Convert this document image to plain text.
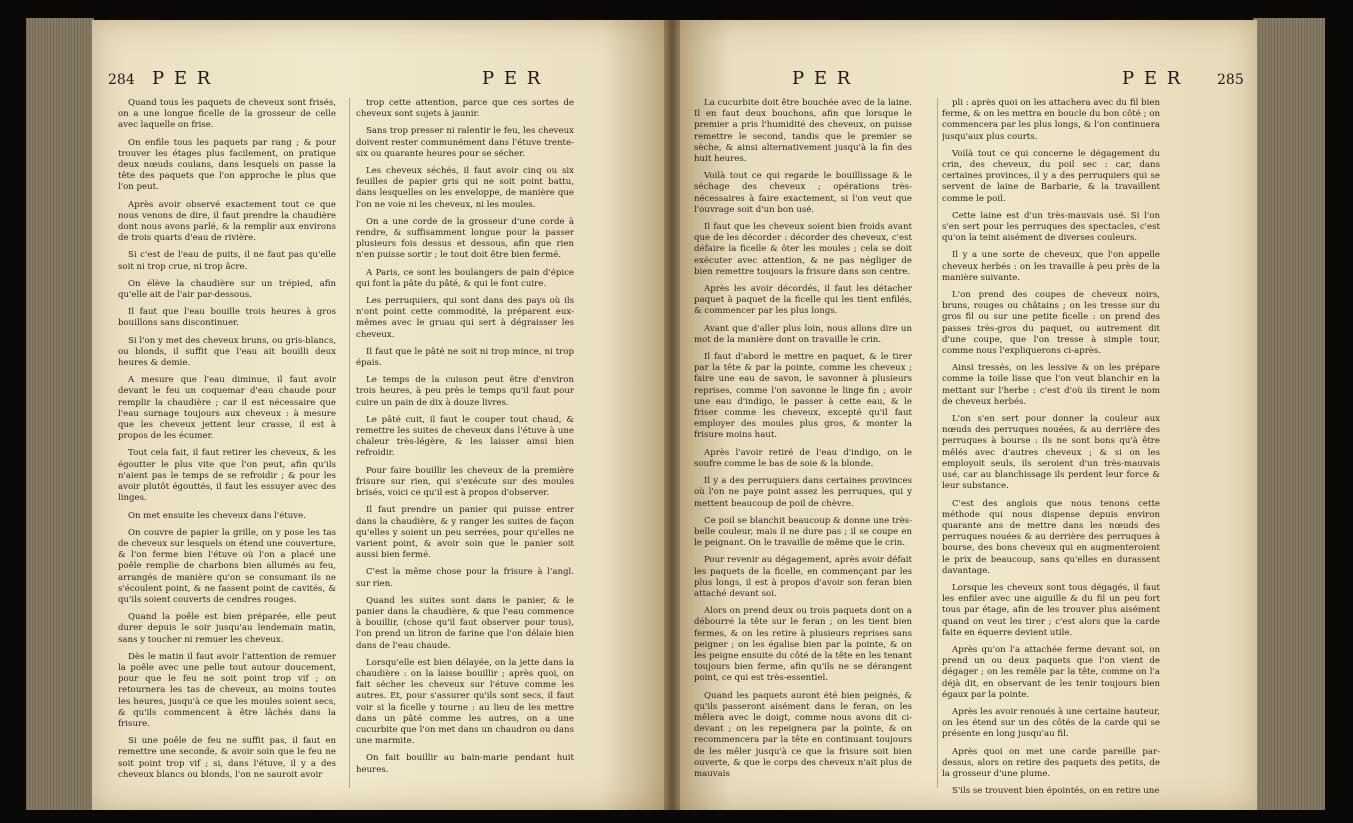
284 P E R	P E R

Quand tous les paquets de cheveux sont frisés, on a une longue ficelle de la grosseur de celle avec laquelle on frise.

On enfile tous les paquets par rang ; & pour trouver les étages plus facilement, on pratique deux nœuds coulans, dans lesquels on passe la tête des paquets que l'on approche le plus que l'on peut.

Après avoir observé exactement tout ce que nous venons de dire, il faut prendre la chaudière dont nous avons parlé, & la remplir aux environs de trois quarts d'eau de rivière.

Si c'est de l'eau de puits, il ne faut pas qu'elle soit ni trop crue, ni trop âcre.

On élève la chaudière sur un trépied, afin qu'elle ait de l'air par-dessous.

Il faut que l'eau bouille trois heures à gros bouillons sans discontinuer.

Si l'on y met des cheveux bruns, ou gris-blancs, ou blonds, il suffit que l'eau ait bouilli deux heures & demie.

A mesure que l'eau diminue, il faut avoir devant le feu un coquemar d'eau chaude pour remplir la chaudière ; car il est nécessaire que l'eau surnage toujours aux cheveux : à mesure que les cheveux jettent leur crasse, il est à propos de les écumer.

Tout cela fait, il faut retirer les cheveux, & les égoutter le plus vite que l'on peut, afin qu'ils n'aient pas le temps de se refroidir ; & pour les avoir plutôt égouttés, il faut les essuyer avec des linges.

On met ensuite les cheveux dans l'étuve.

On couvre de papier la grille, on y pose les tas de cheveux sur lesquels on étend une couverture, & l'on ferme bien l'étuve où l'on a placé une poêle remplie de charbons bien allumés au feu, arrangés de manière qu'on se consumant ils ne s'écoulent point, & ne fassent point de cavités, & qu'ils soient couverts de cendres rouges.

Quand la poêle est bien préparée, elle peut durer depuis le soir jusqu'au lendemain matin, sans y toucher ni remuer les cheveux.

Dès le matin il faut avoir l'attention de remuer la poêle avec une pelle tout autour doucement, pour que le feu ne soit point trop vif ; on retournera les tas de cheveux, au moins toutes les heures, jusqu'à ce que les moules soient secs, & qu'ils commencent à être lâchés dans la frisure.

Si une poêle de feu ne suffit pas, il faut en remettre une seconde, & avoir soin que le feu ne soit point trop vif ; si, dans l'étuve, il y a des cheveux blancs ou blonds, l'on ne sauroit avoir

trop cette attention, parce que ces sortes de cheveux sont sujets à jaunir.

Sans trop presser ni ralentir le feu, les cheveux doivent rester communément dans l'étuve trente-six ou quarante heures pour se sécher.

Les cheveux séchés, il faut avoir cinq ou six feuilles de papier gris qui ne soit point battu, dans lesquelles on les enveloppe, de manière que l'on ne voie ni les cheveux, ni les moules.

On a une corde de la grosseur d'une corde à rendre, & suffisamment longue pour la passer plusieurs fois dessus et dessous, afin que rien n'en puisse sortir ; le tout doit être bien fermé.

A Paris, ce sont les boulangers de pain d'épice qui font la pâte du pâté, & qui le font cuire.

Les perruquiers, qui sont dans des pays où ils n'ont point cette commodité, la préparent eux-mêmes avec le gruau qui sert à dégraisser les cheveux.

Il faut que le pâté ne soit ni trop mince, ni trop épais.

Le temps de la cuisson peut être d'environ trois heures, à peu près le temps qu'il faut pour cuire un pain de dix à douze livres.

Le pâté cuit, il faut le couper tout chaud, & remettre les suites de cheveux dans l'étuve à une chaleur très-légère, & les laisser ainsi bien refroidir.

Pour faire bouillir les cheveux de la première frisure sur rien, qui s'exécute sur des moules brisés, voici ce qu'il est à propos d'observer.

Il faut prendre un panier qui puisse entrer dans la chaudière, & y ranger les suites de façon qu'elles y soient un peu serrées, pour qu'elles ne varient point, & avoir soin que le panier soit aussi bien fermé.

C'est la même chose pour la frisure à l'angl. sur rien.

Quand les suites sont dans le panier, & le panier dans la chaudière, & que l'eau commence à bouillir, (chose qu'il faut observer pour tous), l'on prend un litron de farine que l'on délaie bien dans de l'eau chaude.

Lorsqu'elle est bien délayée, on la jette dans la chaudière : on la laisse bouillir ; après quoi, on fait sécher les cheveux sur l'étuve comme les autres. Et, pour s'assurer qu'ils sont secs, il faut voir si la ficelle y tourne : au lieu de les mettre dans un pâté comme les autres, on a une cucurbite que l'on met dans un chaudron ou dans une marmite.

On fait bouillir au bain-marie pendant huit heures.

P E R	P E R 285

La cucurbite doit être bouchée avec de la laine. Il en faut deux bouchons, afin que lorsque le premier a pris l'humidité des cheveux, on puisse remettre le second, tandis que le premier se sèche, & ainsi alternativement jusqu'à la fin des huit heures.

Voilà tout ce qui regarde le bouillissage & le séchage des cheveux ; opérations très-nécessaires à faire exactement, si l'on veut que l'ouvrage soit d'un bon usé.

Il faut que les cheveux soient bien froids avant que de les décorder : décorder des cheveux, c'est défaire la ficelle & ôter les moules ; cela se doit exécuter avec attention, & ne pas négliger de bien remettre toujours la frisure dans son centre.

Après les avoir décordés, il faut les détacher paquet à paquet de la ficelle qui les tient enfilés, & commencer par les plus longs.

Avant que d'aller plus loin, nous allons dire un mot de la manière dont on travaille le crin.

Il faut d'abord le mettre en paquet, & le tirer par la tête & par la pointe, comme les cheveux ; faire une eau de savon, le savonner à plusieurs reprises, comme l'on savonne le linge fin ; avoir une eau d'indigo, le passer à cette eau, & le friser comme les cheveux, excepté qu'il faut employer des moules plus gros, & monter la frisure moins haut.

Après l'avoir retiré de l'eau d'indigo, on le soufre comme le bas de soie & la blonde.

Il y a des perruquiers dans certaines provinces où l'on ne paye point assez les perruques, qui y mettent beaucoup de poil de chèvre.

Ce poil se blanchit beaucoup & donne une très-belle couleur, mais il ne dure pas ; il se coupe en le peignant. On le travaille de même que le crin.

Pour revenir au dégagement, après avoir défait les paquets de la ficelle, en commençant par les plus longs, il est à propos d'avoir son feran bien attaché devant soi.

Alors on prend deux ou trois paquets dont on a débourré la tête sur le feran ; on les tient bien fermes, & on les retire à plusieurs reprises sans peigner ; on les égalise bien par la pointe, & on les peigne ensuite du côté de la tête en les tenant toujours bien ferme, afin qu'ils ne se dérangent point, ce qui est très-essentiel.

Quand les paquets auront été bien peignés, & qu'ils passeront aisément dans le feran, on les mêlera avec le doigt, comme nous avons dit ci-devant ; on les repeignera par la pointe, & on recommencera par la tête en continuant toujours de les mêler jusqu'à ce que la frisure soit bien ouverte, & que le corps des cheveux n'ait plus de mauvais

pli : après quoi on les attachera avec du fil bien ferme, & on les mettra en boucle du bon côté ; on commencera par les plus longs, & l'on continuera jusqu'aux plus courts.

Voilà tout ce qui concerne le dégagement du crin, des cheveux, du poil sec : car, dans certaines provinces, il y a des perruquiers qui se servent de laine de Barbarie, & la travaillent comme le poil.

Cette laine est d'un très-mauvais usé. Si l'on s'en sert pour les perruques des spectacles, c'est qu'on la teint aisément de diverses couleurs.

Il y a une sorte de cheveux, que l'on appelle cheveux herbés : on les travaille à peu près de la manière suivante.

L'on prend des coupes de cheveux noirs, bruns, rouges ou châtains ; on les tresse sur du gros fil ou sur une petite ficelle : on prend des passes très-gros du paquet, ou autrement dit d'une coupe, que l'on tresse à simple tour, comme nous l'expliquerons ci-après.

Ainsi tressés, on les lessive & on les prépare comme la toile lisse que l'on veut blanchir en la mettant sur l'herbe : c'est d'où ils tirent le nom de cheveux herbés.

L'on s'en sert pour donner la couleur aux nœuds des perruques nouées, & au derrière des perruques à bourse : ils ne sont bons qu'à être mêlés avec d'autres cheveux ; & si on les employoit seuls, ils seroient d'un très-mauvais usé, car au blanchissage ils perdent leur force & leur substance.

C'est des anglois que nous tenons cette méthode qui nous dispense depuis environ quarante ans de mettre dans les nœuds des perruques nouées & au derrière des perruques à bourse, des bons cheveux qui en augmenteroient le prix de beaucoup, sans qu'elles en durassent davantage.

Lorsque les cheveux sont tous dégagés, il faut les enfiler avec une aiguille & du fil un peu fort tous par étage, afin de les trouver plus aisément quand on veut les tirer ; c'est alors que la carde faite en équerre devient utile.

Après qu'on l'a attachée ferme devant soi, on prend un ou deux paquets que l'on vient de dégager ; on les remêle par la tête, comme on l'a déjà dit, en observant de les tenir toujours bien égaux par la pointe.

Après les avoir renoués à une certaine hauteur, on les étend sur un des côtés de la carde qui se présente en long jusqu'au fil.

Après quoi on met une carde pareille par-dessus, alors on retire des paquets des petits, de la grosseur d'une plume.

S'ils se trouvent bien épointés, on en retire une
